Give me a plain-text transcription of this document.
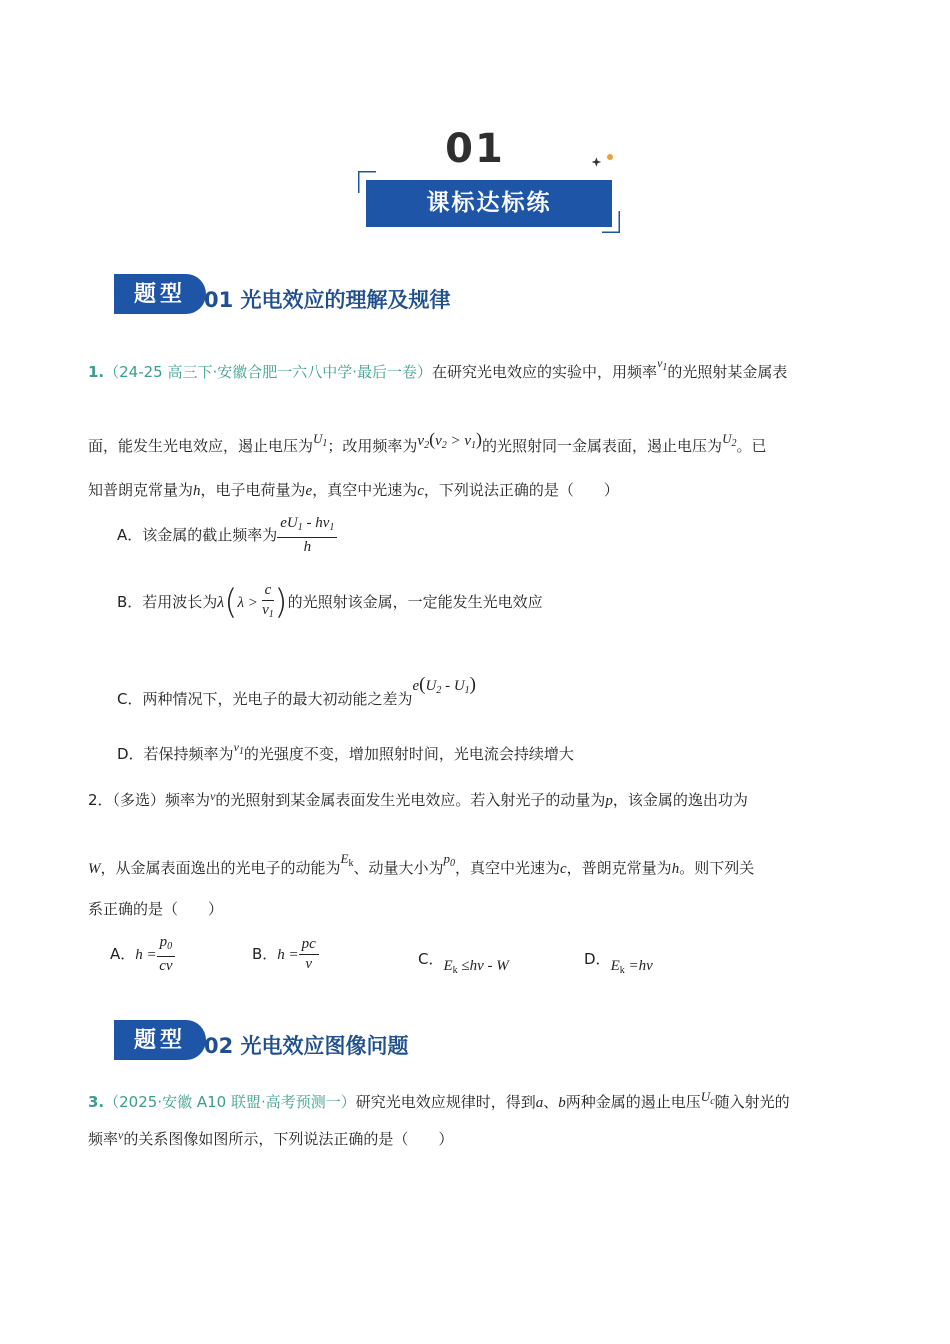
01
课标达标练
题型 01 光电效应的理解及规律
1.（24-25 高三下·安徽合肥一六八中学·最后一卷）在研究光电效应的实验中，用频率$^{v_1}$的光照射某金属表
面，能发生光电效应，遏止电压为$U_1$；改用频率为$v_2(v_2 > v_1)$的光照射同一金属表面，遏止电压为$U_2$。已
知普朗克常量为h，电子电荷量为e，真空中光速为c，下列说法正确的是（　　）
A．该金属的截止频率为 $\frac{eU_1 - hv_1}{h}$
B．若用波长为$\lambda(\lambda > \frac{c}{v_1}$ )的光照射该金属，一定能发生光电效应
C．两种情况下，光电子的最大初动能之差为$e(U_2 - U_1)$
D．若保持频率为$^{v_1}$的光强度不变，增加照射时间，光电流会持续增大
2．（多选）频率为$^v$的光照射到某金属表面发生光电效应。若入射光子的动量为p，该金属的逸出功为
W，从金属表面逸出的光电子的动能为$E_k$、动量大小为$p_0$，真空中光速为c，普朗克常量为h。则下列关
系正确的是（　　）
A．$h = \frac{p_0}{cv}$	B．$h = \frac{pc}{v}$	C．$E_k \le hv - W$	D．$E_k =hv$
题型 02 光电效应图像问题
3.（2025·安徽 A10 联盟·高考预测一）研究光电效应规律时，得到a、b两种金属的遏止电压$U_c$随入射光的
频率$^v$的关系图像如图所示，下列说法正确的是（　　）
